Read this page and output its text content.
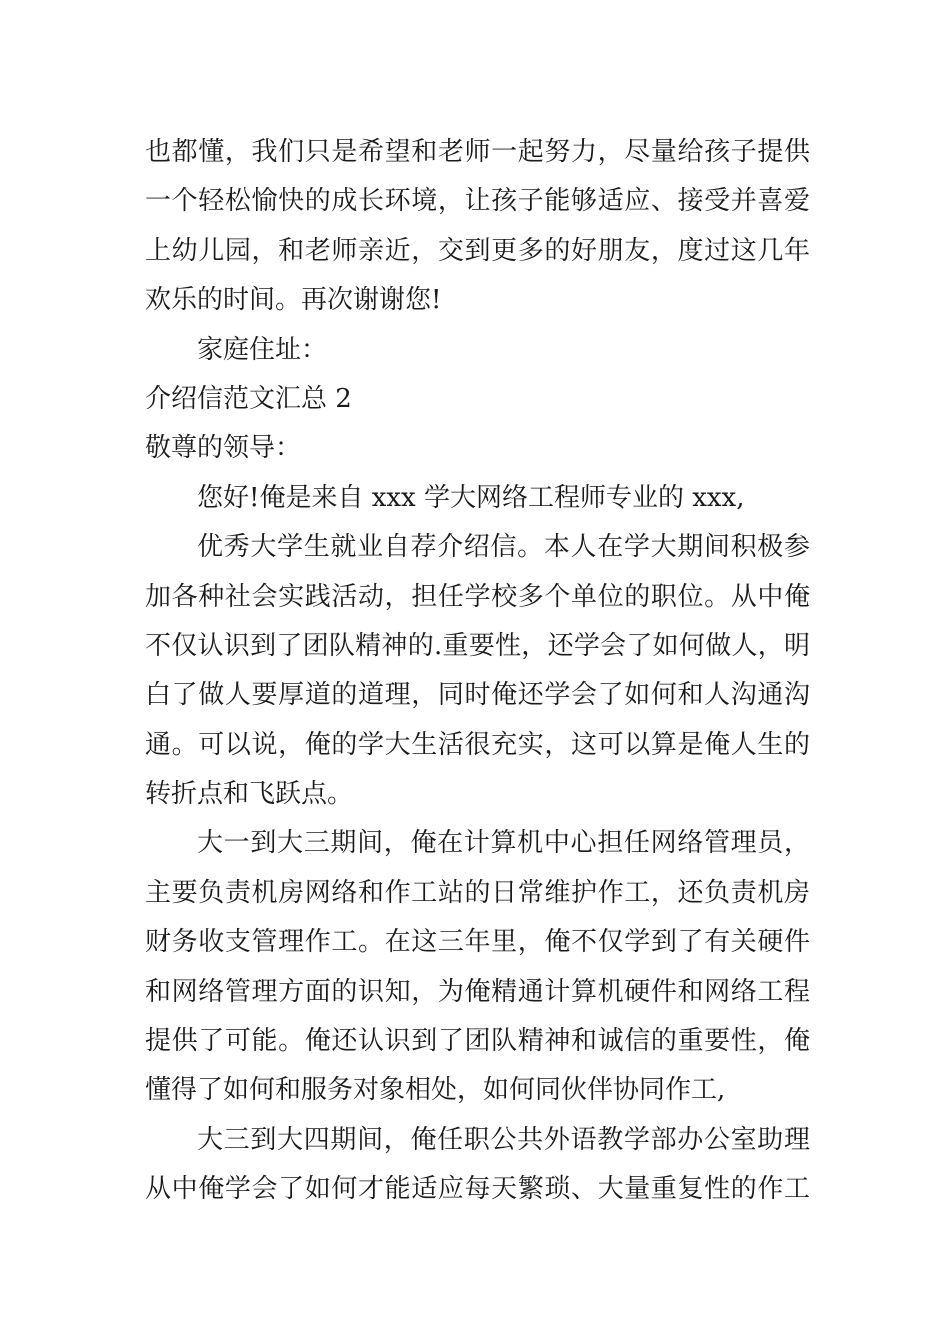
也都懂，我们只是希望和老师一起努力，尽量给孩子提供
一个轻松愉快的成长环境，让孩子能够适应、接受并喜爱
上幼儿园，和老师亲近，交到更多的好朋友，度过这几年
欢乐的时间。再次谢谢您!
家庭住址：
介绍信范文汇总 2
敬尊的领导：
您好!俺是来自 xxx 学大网络工程师专业的 xxx,
优秀大学生就业自荐介绍信。本人在学大期间积极参
加各种社会实践活动，担任学校多个单位的职位。从中俺
不仅认识到了团队精神的.重要性，还学会了如何做人，明
白了做人要厚道的道理，同时俺还学会了如何和人沟通沟
通。可以说，俺的学大生活很充实，这可以算是俺人生的
转折点和飞跃点。
大一到大三期间，俺在计算机中心担任网络管理员，
主要负责机房网络和作工站的日常维护作工，还负责机房
财务收支管理作工。在这三年里，俺不仅学到了有关硬件
和网络管理方面的识知，为俺精通计算机硬件和网络工程
提供了可能。俺还认识到了团队精神和诚信的重要性，俺
懂得了如何和服务对象相处，如何同伙伴协同作工,
大三到大四期间，俺任职公共外语教学部办公室助理
从中俺学会了如何才能适应每天繁琐、大量重复性的作工
